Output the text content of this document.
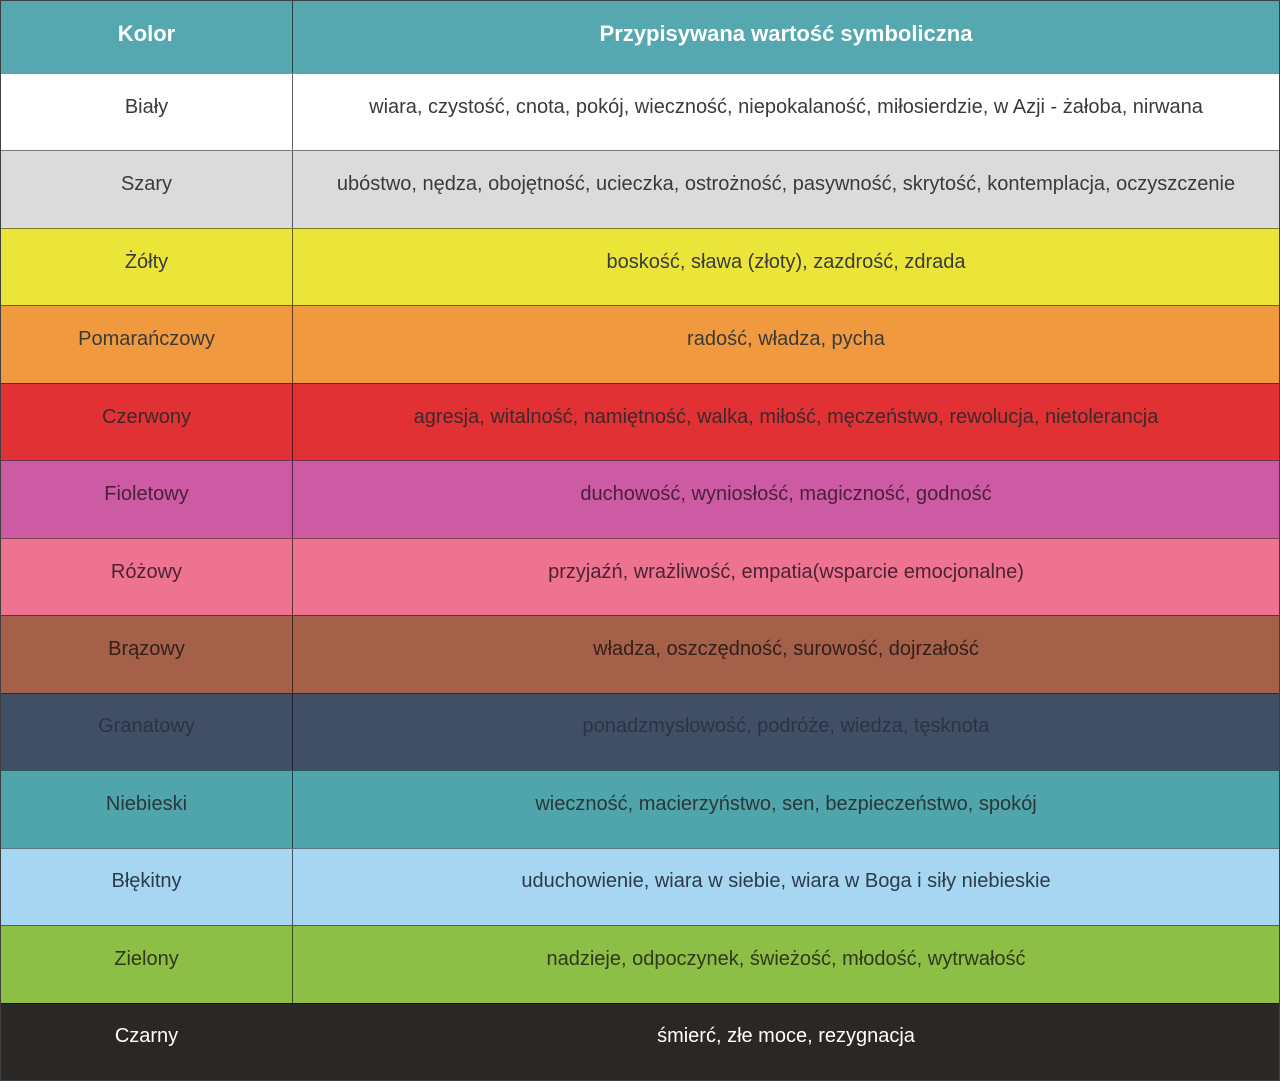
Kolor	Przypisywana wartość symboliczna
Biały	wiara, czystość, cnota, pokój, wieczność, niepokalaność, miłosierdzie, w Azji - żałoba, nirwana
Szary	ubóstwo, nędza, obojętność, ucieczka, ostrożność, pasywność, skrytość, kontemplacja, oczyszczenie
Żółty	boskość, sława (złoty), zazdrość, zdrada
Pomarańczowy	radość, władza, pycha
Czerwony	agresja, witalność, namiętność, walka, miłość, męczeństwo, rewolucja, nietolerancja
Fioletowy	duchowość, wyniosłość, magiczność, godność
Różowy	przyjaźń, wrażliwość, empatia(wsparcie emocjonalne)
Brązowy	władza, oszczędność, surowość, dojrzałość
Granatowy	ponadzmysłowość, podróże, wiedza, tęsknota
Niebieski	wieczność, macierzyństwo, sen, bezpieczeństwo, spokój
Błękitny	uduchowienie, wiara w siebie, wiara w Boga i siły niebieskie
Zielony	nadzieje, odpoczynek, świeżość, młodość, wytrwałość
Czarny	śmierć, złe moce, rezygnacja
